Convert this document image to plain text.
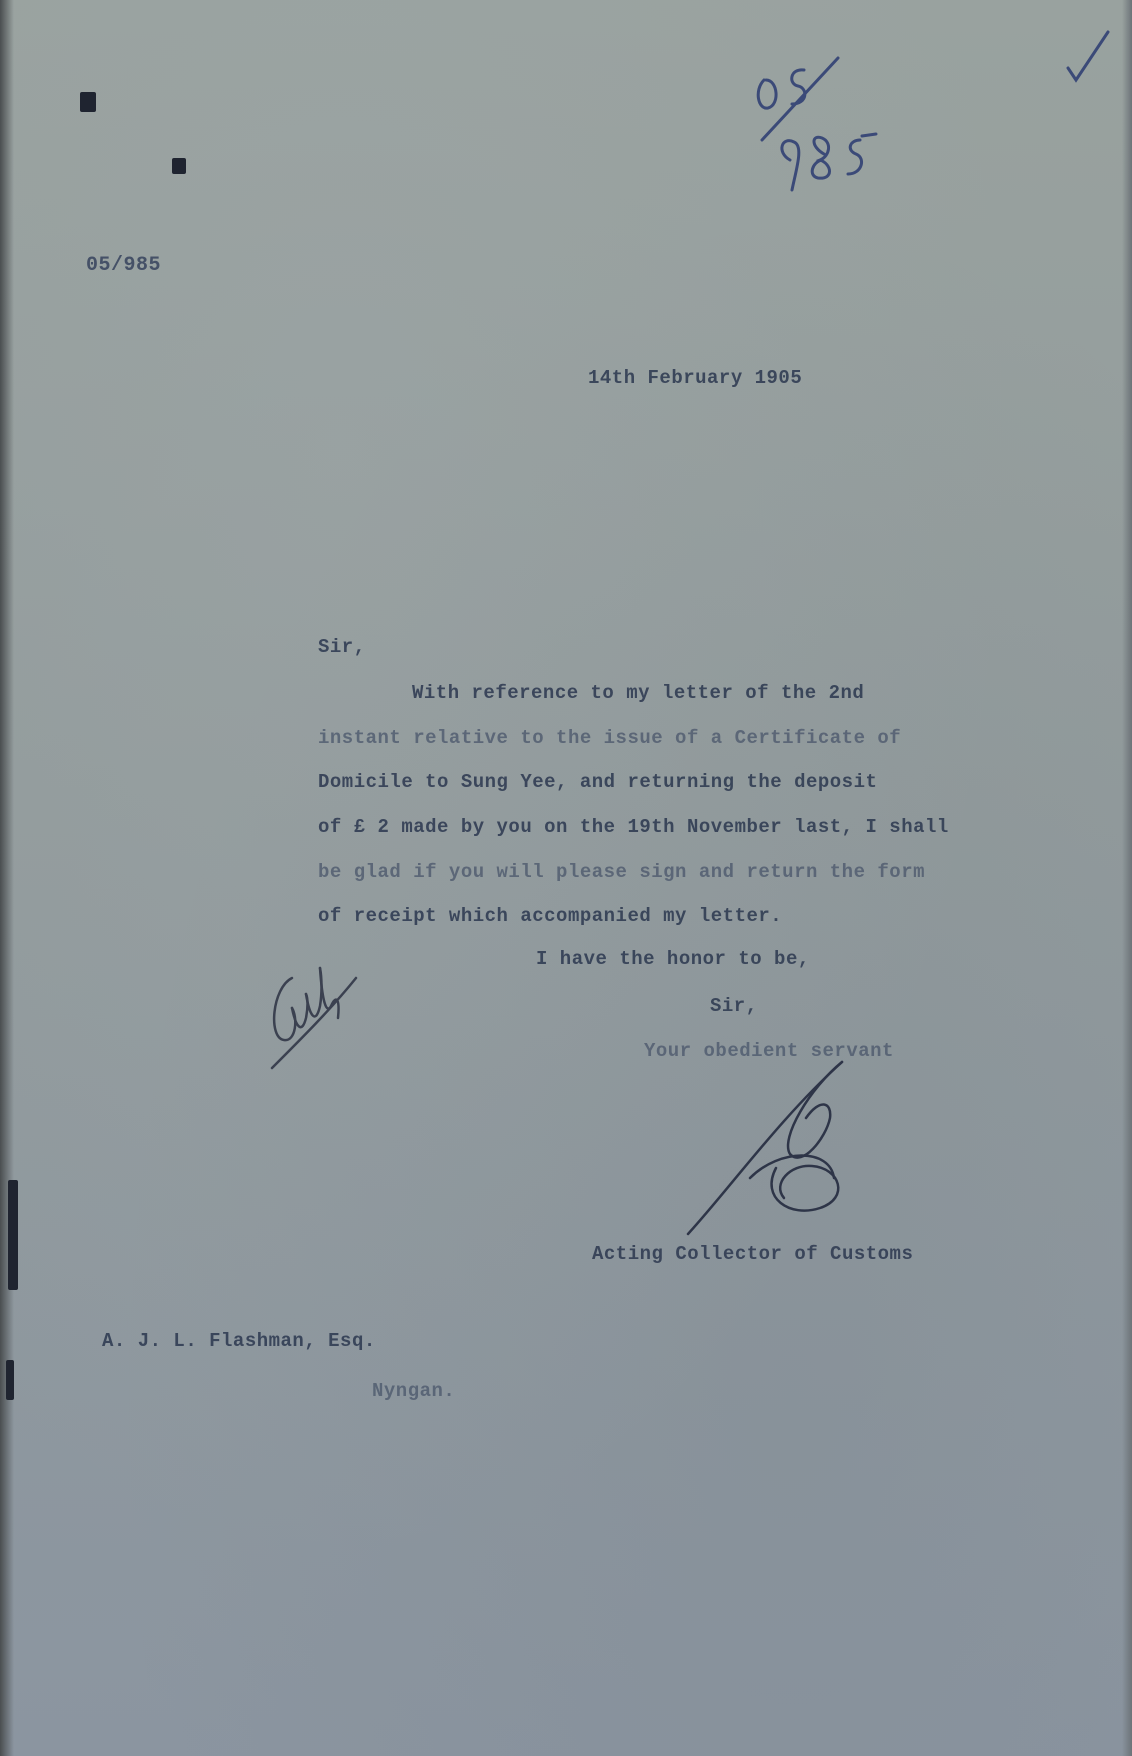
05/985
14th February 1905
Sir,
With reference to my letter of the 2nd
instant relative to the issue of a Certificate of
Domicile to Sung Yee, and returning the deposit
of £ 2 made by you on the 19th November last, I shall
be glad if you will please sign and return the form
of receipt which accompanied my letter.
I have the honor to be,
Sir,
Your obedient servant
Acting Collector of Customs
A. J. L. Flashman, Esq.
Nyngan.
